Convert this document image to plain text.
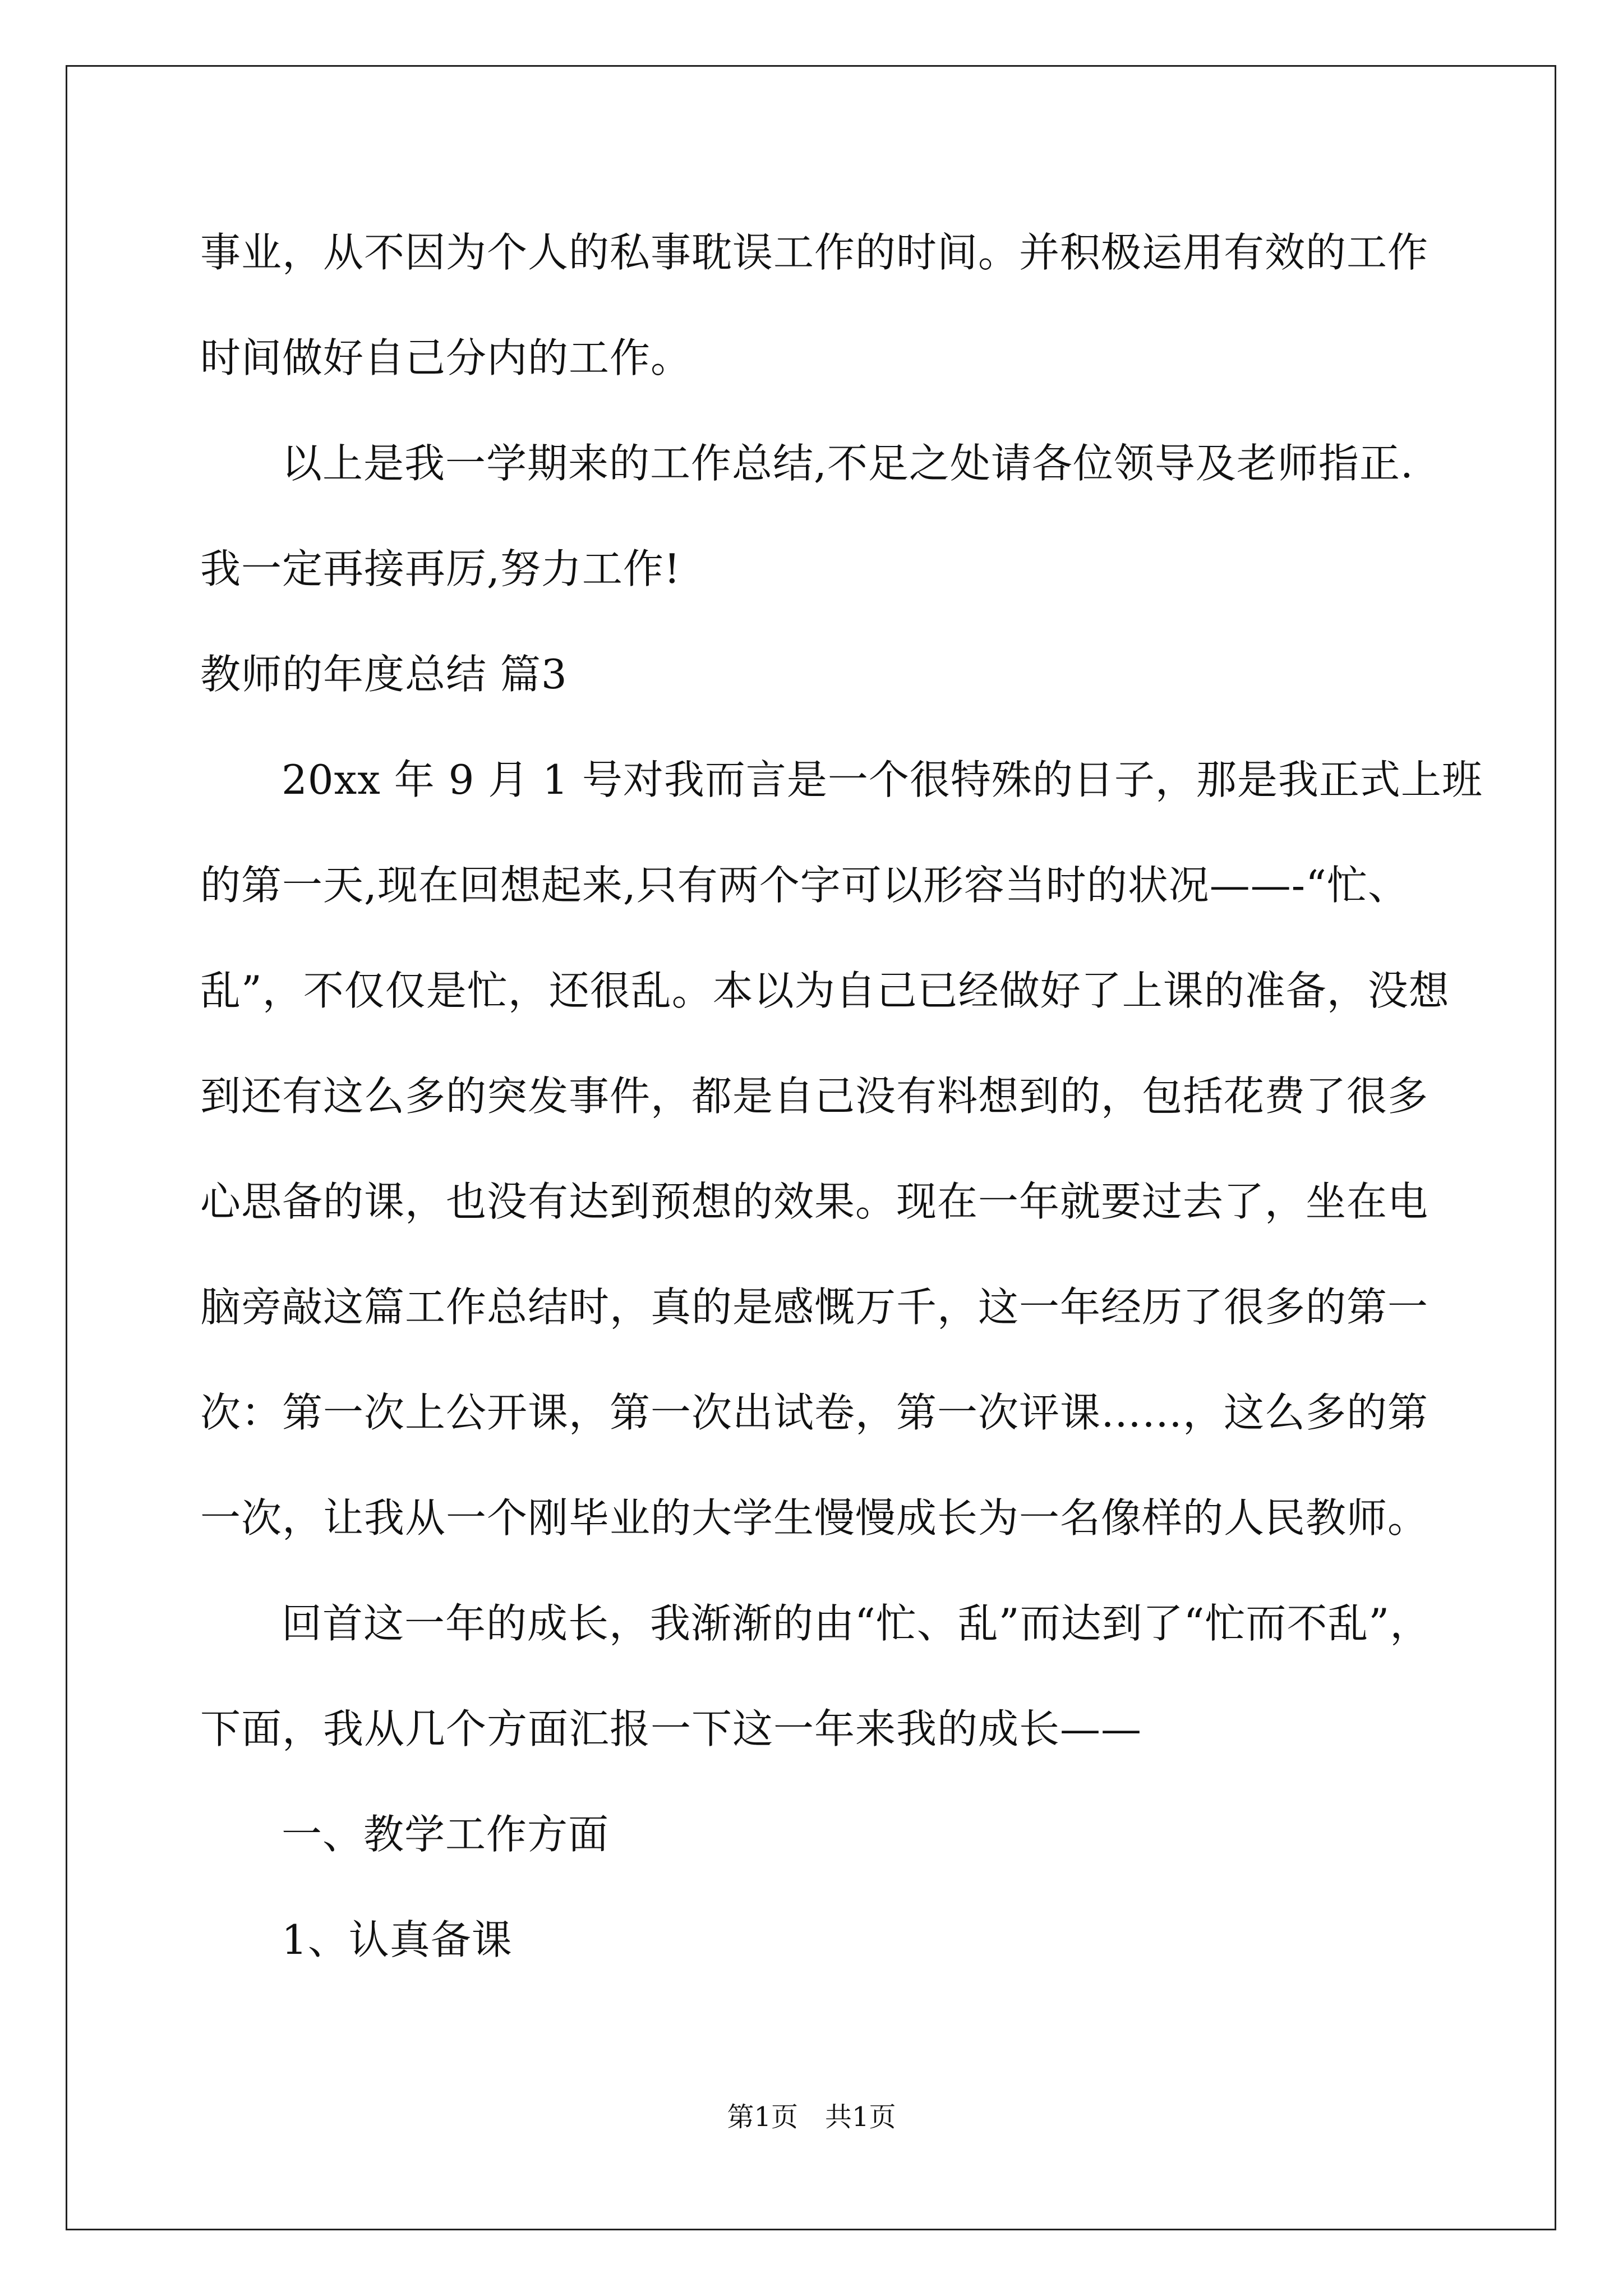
事业，从不因为个人的私事耽误工作的时间。并积极运用有效的工作
时间做好自己分内的工作。
以上是我一学期来的工作总结,不足之处请各位领导及老师指正.
我一定再接再厉,努力工作!
教师的年度总结 篇3
20xx 年 9 月 1 号对我而言是一个很特殊的日子，那是我正式上班
的第一天,现在回想起来,只有两个字可以形容当时的状况——-“忙、
乱”，不仅仅是忙，还很乱。本以为自己已经做好了上课的准备，没想
到还有这么多的突发事件，都是自己没有料想到的，包括花费了很多
心思备的课，也没有达到预想的效果。现在一年就要过去了，坐在电
脑旁敲这篇工作总结时，真的是感慨万千，这一年经历了很多的第一
次：第一次上公开课，第一次出试卷，第一次评课……，这么多的第
一次，让我从一个刚毕业的大学生慢慢成长为一名像样的人民教师。
回首这一年的成长，我渐渐的由“忙、乱”而达到了“忙而不乱”，
下面，我从几个方面汇报一下这一年来我的成长——
一、教学工作方面
1、认真备课
第1页　共1页
